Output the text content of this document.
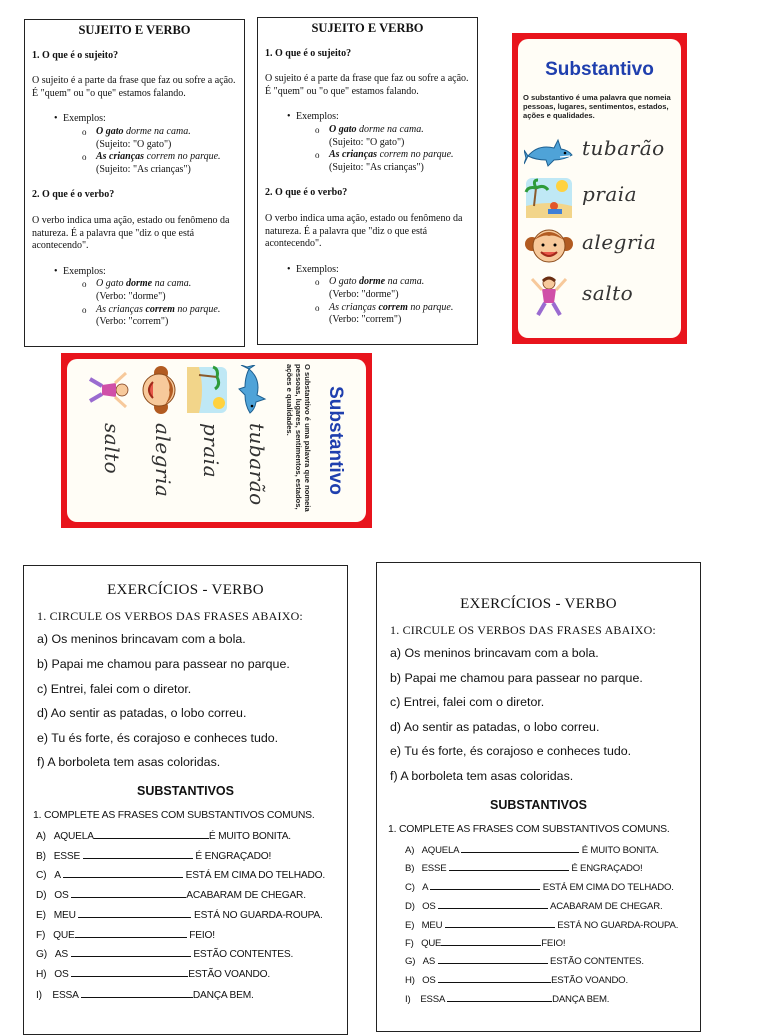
SUJEITO E VERBO
1. O que é o sujeito?

O sujeito é a parte da frase que faz ou sofre a ação. É "quem" ou "o que" estamos falando.

• Exemplos:
o O gato dorme na cama.
(Sujeito: "O gato")
o As crianças correm no parque.
(Sujeito: "As crianças")
2. O que é o verbo?

O verbo indica uma ação, estado ou fenômeno da natureza. É a palavra que "diz o que está acontecendo".

• Exemplos:
o O gato dorme na cama.
(Verbo: "dorme")
o As crianças correm no parque.
(Verbo: "correm")
SUJEITO E VERBO
1. O que é o sujeito?

O sujeito é a parte da frase que faz ou sofre a ação. É "quem" ou "o que" estamos falando.

• Exemplos:
o O gato dorme na cama.
(Sujeito: "O gato")
o As crianças correm no parque.
(Sujeito: "As crianças")
2. O que é o verbo?

O verbo indica uma ação, estado ou fenômeno da natureza. É a palavra que "diz o que está acontecendo".

• Exemplos:
o O gato dorme na cama.
(Verbo: "dorme")
o As crianças correm no parque.
(Verbo: "correm")
Substantivo
O substantivo é uma palavra que nomeia pessoas, lugares, sentimentos, estados, ações e qualidades.
tubarão
praia
alegria
salto
Substantivo
O substantivo é uma palavra que nomeia pessoas, lugares, sentimentos, estados, ações e qualidades.
tubarão
praia
alegria
salto
EXERCÍCIOS - VERBO
1. CIRCULE OS VERBOS DAS FRASES ABAIXO:
a) Os meninos brincavam com a bola.
b) Papai me chamou para passear no parque.
c) Entrei, falei com o diretor.
d) Ao sentir as patadas, o lobo correu.
e) Tu és forte, és corajoso e conheces tudo.
f) A borboleta tem asas coloridas.
SUBSTANTIVOS
1. COMPLETE AS FRASES COM SUBSTANTIVOS COMUNS.
A) AQUELA	É MUITO BONITA.
B) ESSE	É ENGRAÇADO!
C) A	ESTÁ EM CIMA DO TELHADO.
D) OS	ACABARAM DE CHEGAR.
E) MEU	ESTÁ NO GUARDA-ROUPA.
F) QUE	FEIO!
G) AS	ESTÃO CONTENTES.
H) OS	ESTÃO VOANDO.
I) ESSA	DANÇA BEM.
EXERCÍCIOS - VERBO
1. CIRCULE OS VERBOS DAS FRASES ABAIXO:
a) Os meninos brincavam com a bola.
b) Papai me chamou para passear no parque.
c) Entrei, falei com o diretor.
d) Ao sentir as patadas, o lobo correu.
e) Tu és forte, és corajoso e conheces tudo.
f) A borboleta tem asas coloridas.
SUBSTANTIVOS
1. COMPLETE AS FRASES COM SUBSTANTIVOS COMUNS.
A) AQUELA	É MUITO BONITA.
B) ESSE	É ENGRAÇADO!
C) A	ESTÁ EM CIMA DO TELHADO.
D) OS	ACABARAM DE CHEGAR.
E) MEU	ESTÁ NO GUARDA-ROUPA.
F) QUE	FEIO!
G) AS	ESTÃO CONTENTES.
H) OS	ESTÃO VOANDO.
I) ESSA	DANÇA BEM.
